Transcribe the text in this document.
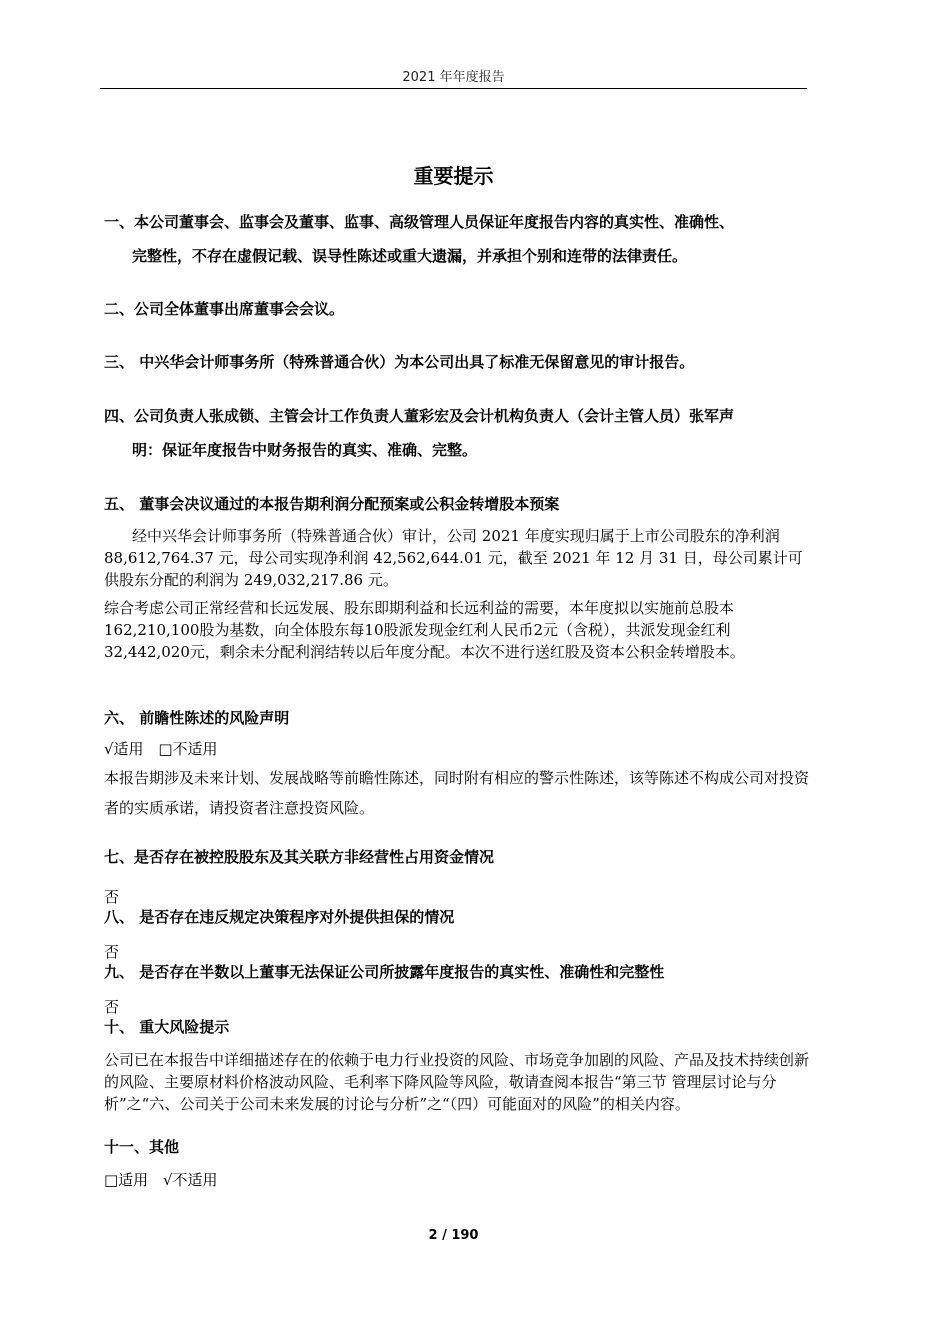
2021 年年度报告
重要提示
一、本公司董事会、监事会及董事、监事、高级管理人员保证年度报告内容的真实性、准确性、
完整性，不存在虚假记载、误导性陈述或重大遗漏，并承担个别和连带的法律责任。
二、公司全体董事出席董事会会议。
三、 中兴华会计师事务所（特殊普通合伙）为本公司出具了标准无保留意见的审计报告。
四、公司负责人张成锁、主管会计工作负责人董彩宏及会计机构负责人（会计主管人员）张军声
明：保证年度报告中财务报告的真实、准确、完整。
五、 董事会决议通过的本报告期利润分配预案或公积金转增股本预案
经中兴华会计师事务所（特殊普通合伙）审计，公司 2021 年度实现归属于上市公司股东的净利润 88,612,764.37 元，母公司实现净利润 42,562,644.01 元，截至 2021 年 12 月 31 日，母公司累计可供股东分配的利润为 249,032,217.86 元。
综合考虑公司正常经营和长远发展、股东即期利益和长远利益的需要，本年度拟以实施前总股本162,210,100股为基数，向全体股东每10股派发现金红利人民币2元（含税），共派发现金红利32,442,020元，剩余未分配利润结转以后年度分配。本次不进行送红股及资本公积金转增股本。
六、 前瞻性陈述的风险声明
√适用 □不适用
本报告期涉及未来计划、发展战略等前瞻性陈述，同时附有相应的警示性陈述，该等陈述不构成公司对投资者的实质承诺，请投资者注意投资风险。
七、是否存在被控股股东及其关联方非经营性占用资金情况
否
八、 是否存在违反规定决策程序对外提供担保的情况
否
九、 是否存在半数以上董事无法保证公司所披露年度报告的真实性、准确性和完整性
否
十、 重大风险提示
公司已在本报告中详细描述存在的依赖于电力行业投资的风险、市场竞争加剧的风险、产品及技术持续创新的风险、主要原材料价格波动风险、毛利率下降风险等风险，敬请查阅本报告“第三节 管理层讨论与分析”之“六、公司关于公司未来发展的讨论与分析”之“（四）可能面对的风险”的相关内容。
十一、其他
□适用 √不适用
2 / 190
